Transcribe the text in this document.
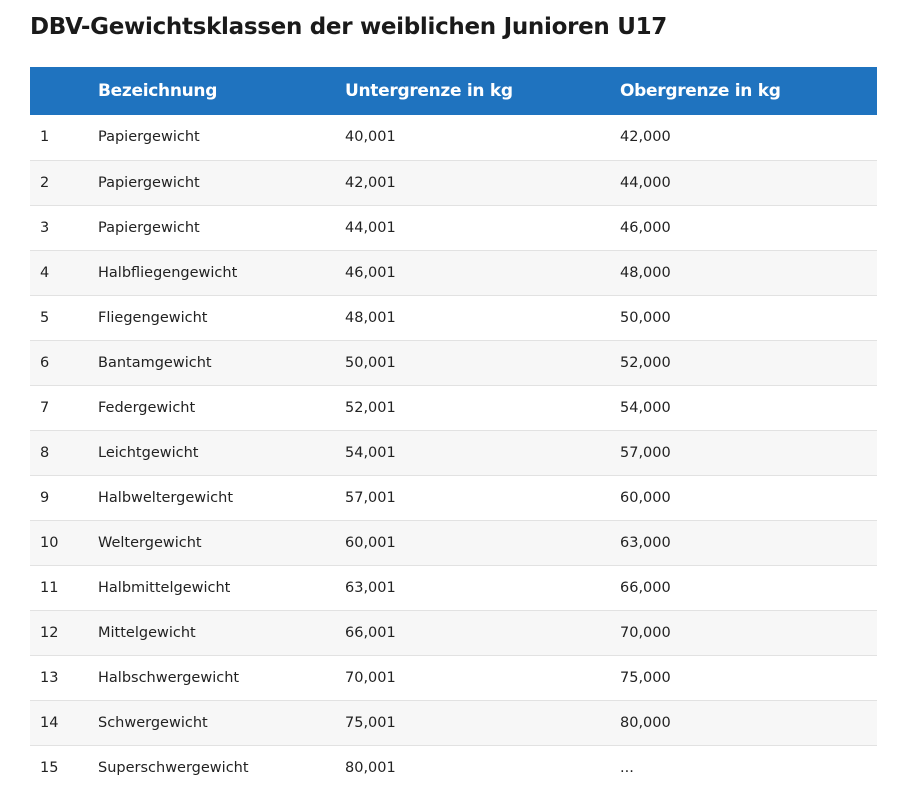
DBV-Gewichtsklassen der weiblichen Junioren U17
	Bezeichnung	Untergrenze in kg	Obergrenze in kg
1	Papiergewicht	40,001	42,000
2	Papiergewicht	42,001	44,000
3	Papiergewicht	44,001	46,000
4	Halbfliegengewicht	46,001	48,000
5	Fliegengewicht	48,001	50,000
6	Bantamgewicht	50,001	52,000
7	Federgewicht	52,001	54,000
8	Leichtgewicht	54,001	57,000
9	Halbweltergewicht	57,001	60,000
10	Weltergewicht	60,001	63,000
11	Halbmittelgewicht	63,001	66,000
12	Mittelgewicht	66,001	70,000
13	Halbschwergewicht	70,001	75,000
14	Schwergewicht	75,001	80,000
15	Superschwergewicht	80,001	...
